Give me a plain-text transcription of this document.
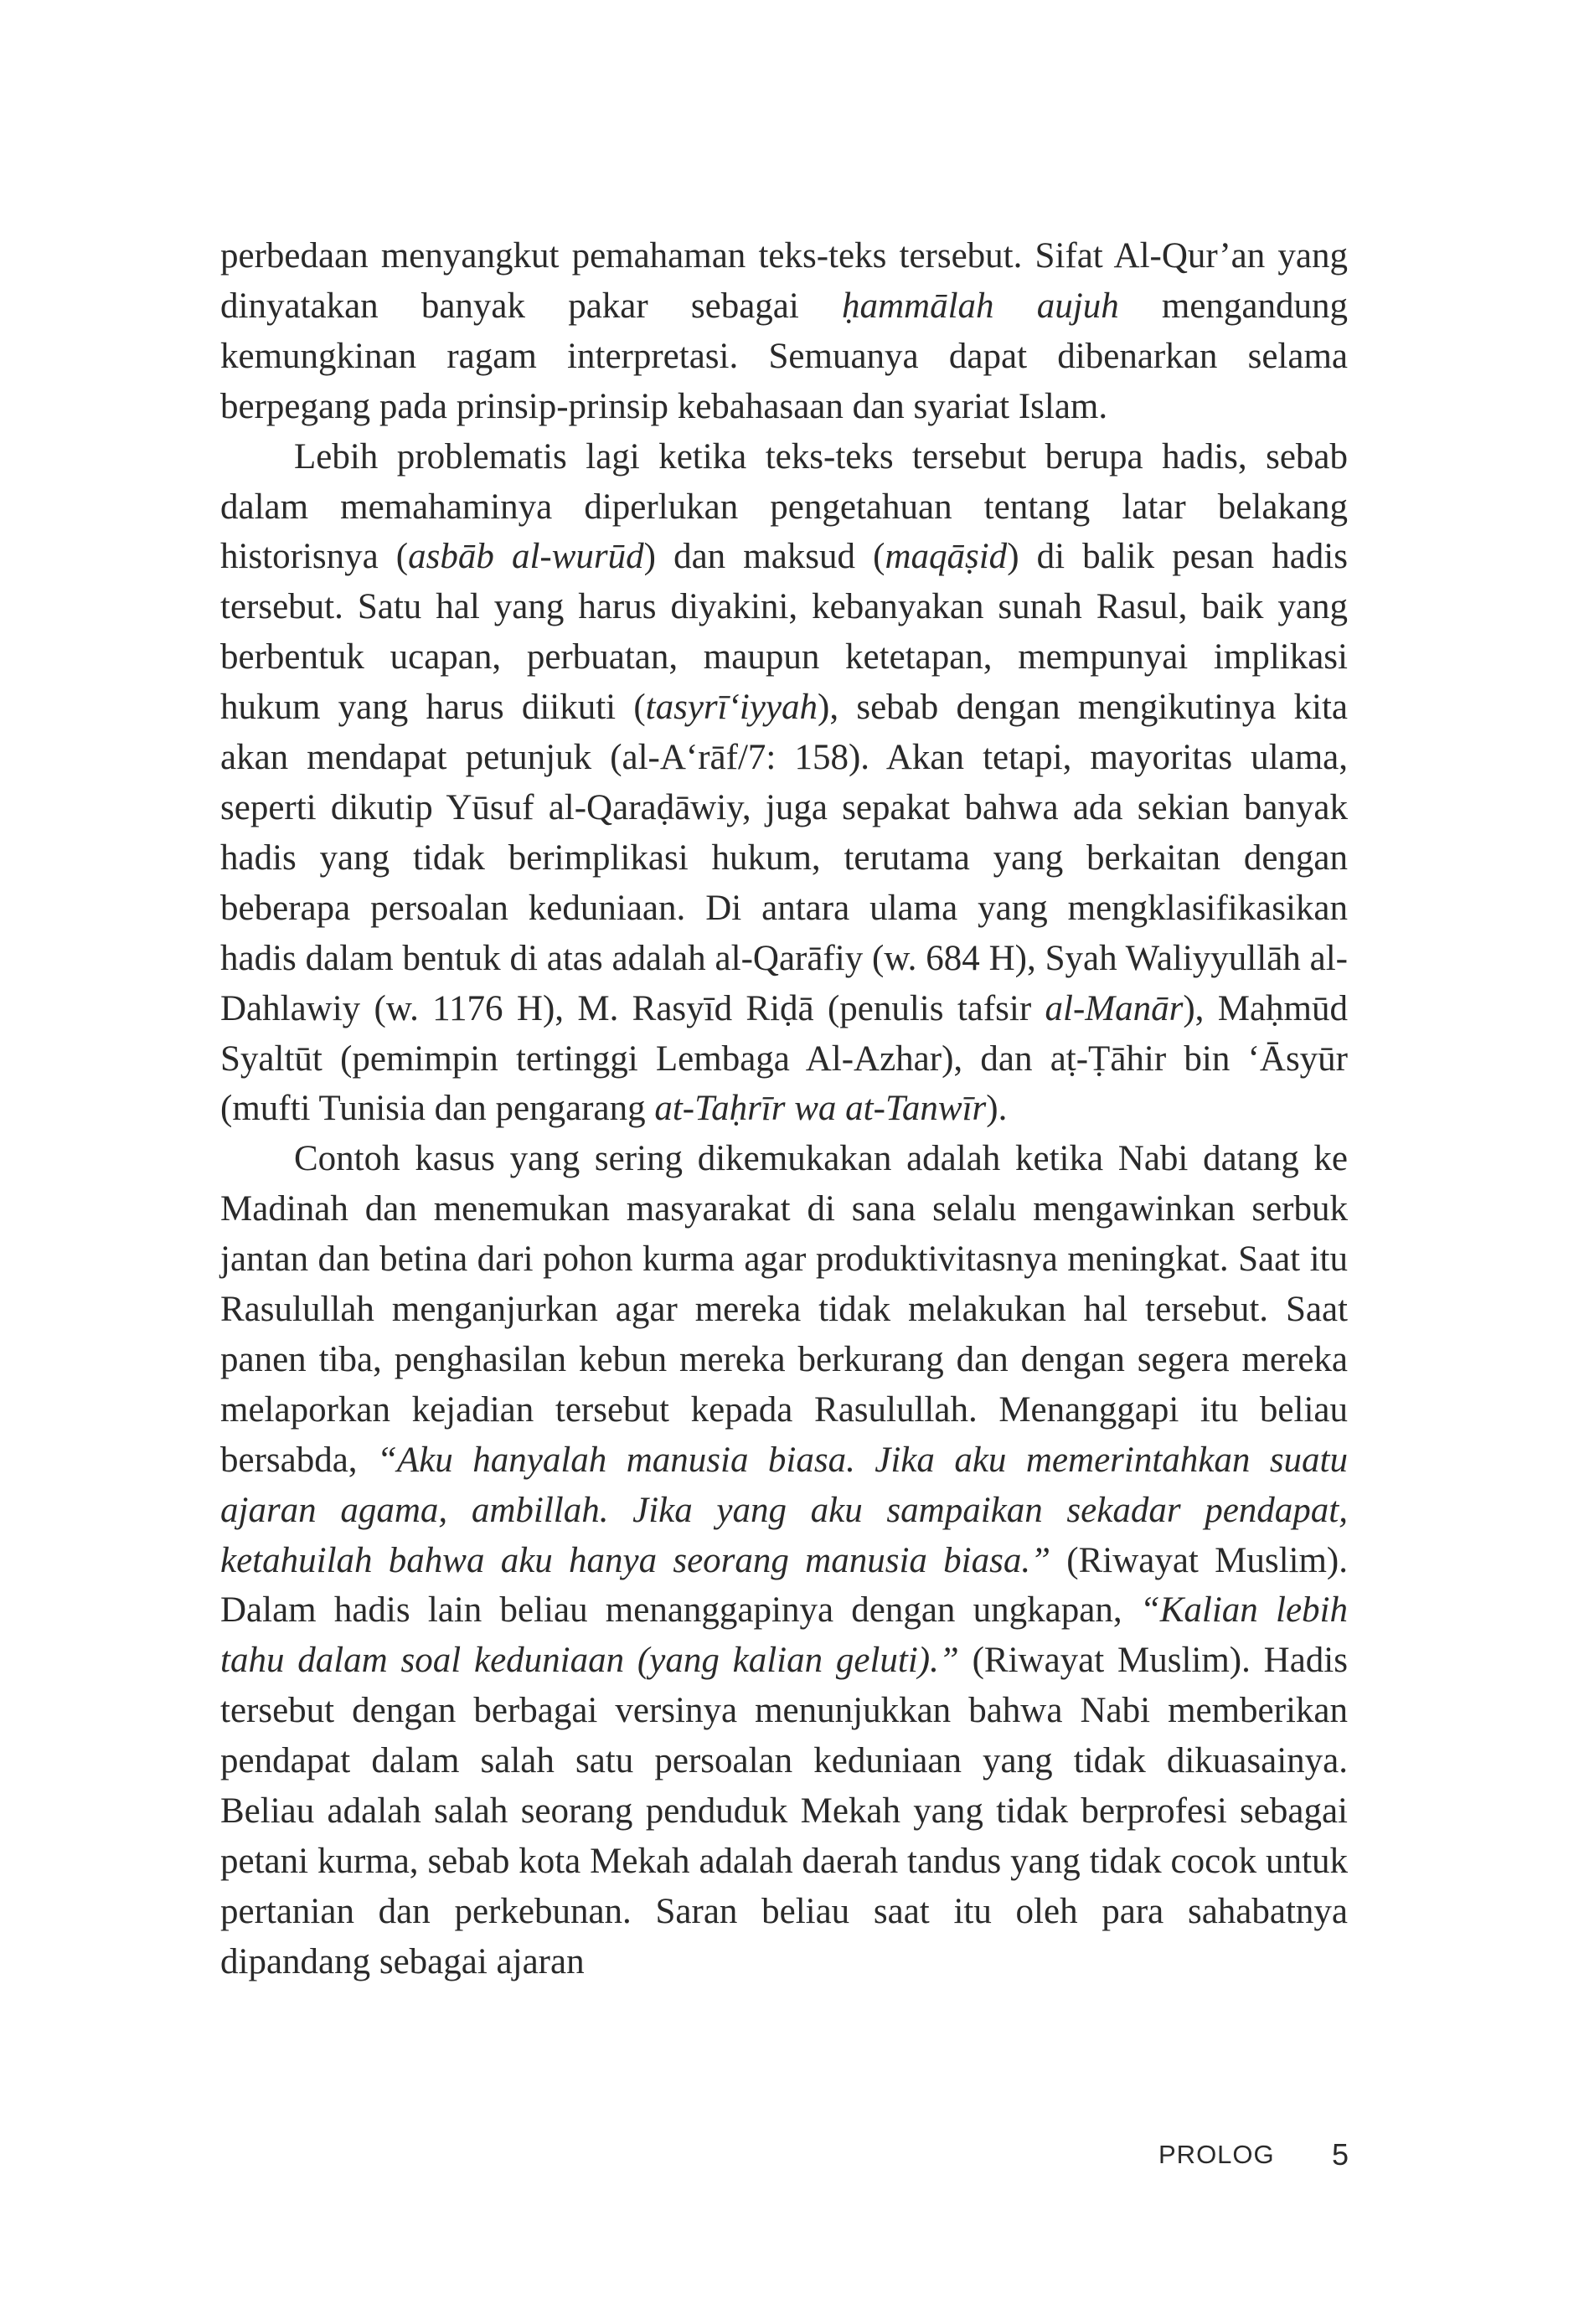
perbedaan menyangkut pemahaman teks-teks tersebut. Sifat Al-Qur’an yang dinyatakan banyak pakar sebagai ḥammālah aujuh mengandung kemungkinan ragam interpretasi. Semuanya dapat dibenarkan selama berpegang pada prinsip-prinsip kebahasaan dan syariat Islam.

Lebih problematis lagi ketika teks-teks tersebut berupa hadis, sebab dalam memahaminya diperlukan pengetahuan tentang latar belakang historisnya (asbāb al-wurūd) dan maksud (maqāṣid) di balik pesan hadis tersebut. Satu hal yang harus diyakini, kebanyakan sunah Rasul, baik yang berbentuk ucapan, perbuatan, maupun ketetapan, mempunyai implikasi hukum yang harus diikuti (tasyrī‘iyyah), sebab dengan mengikutinya kita akan mendapat petunjuk (al-A‘rāf/7: 158). Akan tetapi, mayoritas ulama, seperti dikutip Yūsuf al-Qaraḍāwiy, juga sepakat bahwa ada sekian banyak hadis yang tidak berimplikasi hukum, terutama yang berkaitan dengan beberapa persoalan keduniaan. Di antara ulama yang mengklasifikasikan hadis dalam bentuk di atas adalah al-Qarāfiy (w. 684 H), Syah Waliyyullāh al-Dahlawiy (w. 1176 H), M. Rasyīd Riḍā (penulis tafsir al-Manār), Maḥmūd Syaltūt (pemimpin tertinggi Lembaga Al-Azhar), dan aṭ-Ṭāhir bin ‘Āsyūr (mufti Tunisia dan pengarang at-Taḥrīr wa at-Tanwīr).

Contoh kasus yang sering dikemukakan adalah ketika Nabi datang ke Madinah dan menemukan masyarakat di sana selalu mengawinkan serbuk jantan dan betina dari pohon kurma agar produktivitasnya meningkat. Saat itu Rasulullah menganjurkan agar mereka tidak melakukan hal tersebut. Saat panen tiba, penghasilan kebun mereka berkurang dan dengan segera mereka melaporkan kejadian tersebut kepada Rasulullah. Menanggapi itu beliau bersabda, “Aku hanyalah manusia biasa. Jika aku memerintahkan suatu ajaran agama, ambillah. Jika yang aku sampaikan sekadar pendapat, ketahuilah bahwa aku hanya seorang manusia biasa.” (Riwayat Muslim). Dalam hadis lain beliau menanggapinya dengan ungkapan, “Kalian lebih tahu dalam soal keduniaan (yang kalian geluti).” (Riwayat Muslim). Hadis tersebut dengan berbagai versinya menunjukkan bahwa Nabi memberikan pendapat dalam salah satu persoalan keduniaan yang tidak dikuasainya. Beliau adalah salah seorang penduduk Mekah yang tidak berprofesi sebagai petani kurma, sebab kota Mekah adalah daerah tandus yang tidak cocok untuk pertanian dan perkebunan. Saran beliau saat itu oleh para sahabatnya dipandang sebagai ajaran

PROLOG 5
